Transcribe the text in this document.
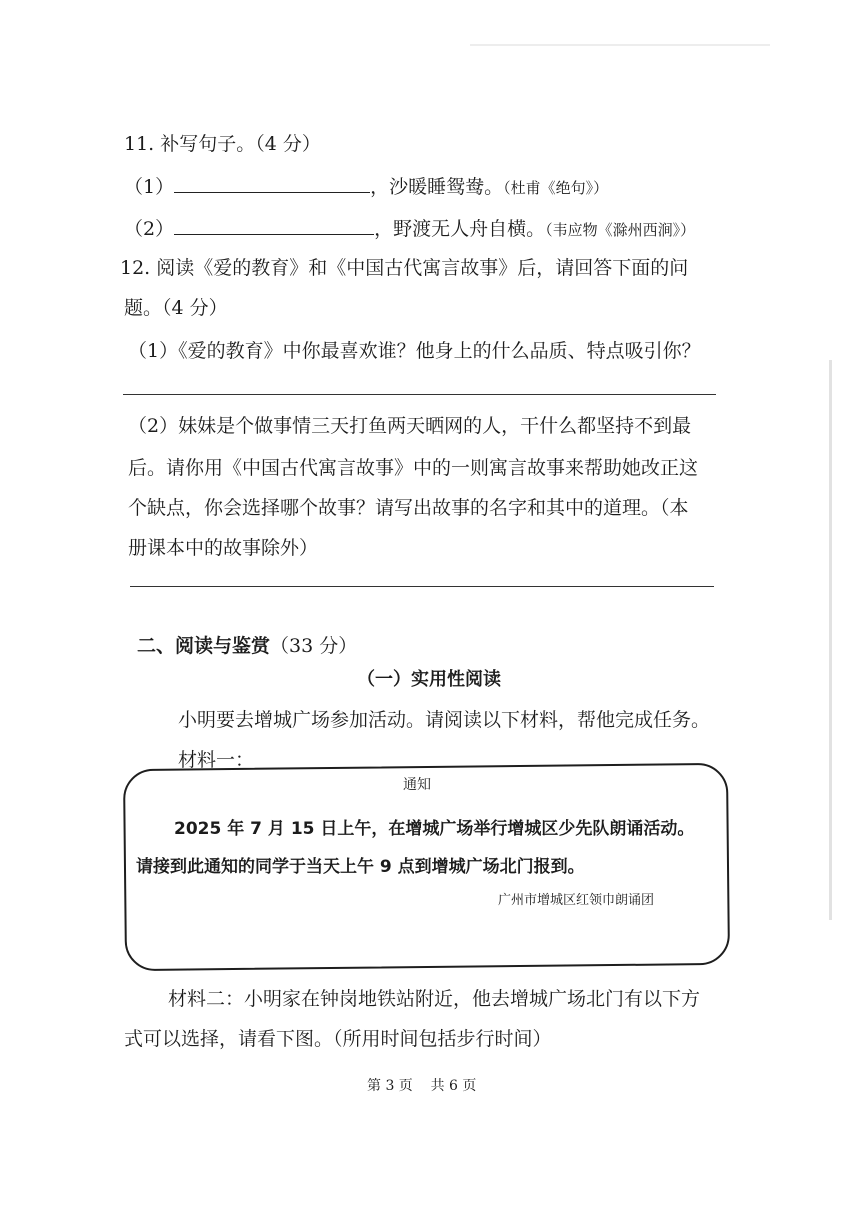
11. 补写句子。（4 分）
（1）	，沙暖睡鸳鸯。（杜甫《绝句》）
（2）	，野渡无人舟自横。（韦应物《滁州西涧》）
12. 阅读《爱的教育》和《中国古代寓言故事》后，请回答下面的问
题。（4 分）
（1）《爱的教育》中你最喜欢谁？他身上的什么品质、特点吸引你？
（2）妹妹是个做事情三天打鱼两天晒网的人，干什么都坚持不到最
后。请你用《中国古代寓言故事》中的一则寓言故事来帮助她改正这
个缺点，你会选择哪个故事？请写出故事的名字和其中的道理。（本
册课本中的故事除外）
二、阅读与鉴赏（33 分）
（一）实用性阅读
小明要去增城广场参加活动。请阅读以下材料，帮他完成任务。
材料一：
通知
2025 年 7 月 15 日上午，在增城广场举行增城区少先队朗诵活动。
请接到此通知的同学于当天上午 9 点到增城广场北门报到。
广州市增城区红领巾朗诵团
材料二：小明家在钟岗地铁站附近，他去增城广场北门有以下方
式可以选择，请看下图。（所用时间包括步行时间）
第 3 页    共 6 页
